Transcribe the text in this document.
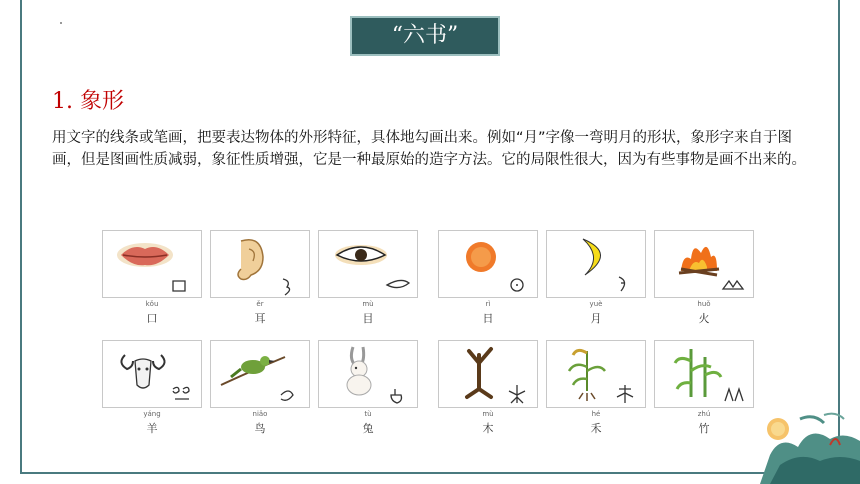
“六书”
1. 象形
用文字的线条或笔画，把要表达物体的外形特征，具体地勾画出来。例如“月”字像一弯明月的形状，象形字来自于图画，但是图画性质减弱，象征性质增强，它是一种最原始的造字方法。它的局限性很大，因为有些事物是画不出来的。
kǒu
口
ěr
耳
mù
目
rì
日
yuè
月
huǒ
火
yáng
羊
niǎo
鸟
tù
兔
mù
木
hé
禾
zhú
竹
